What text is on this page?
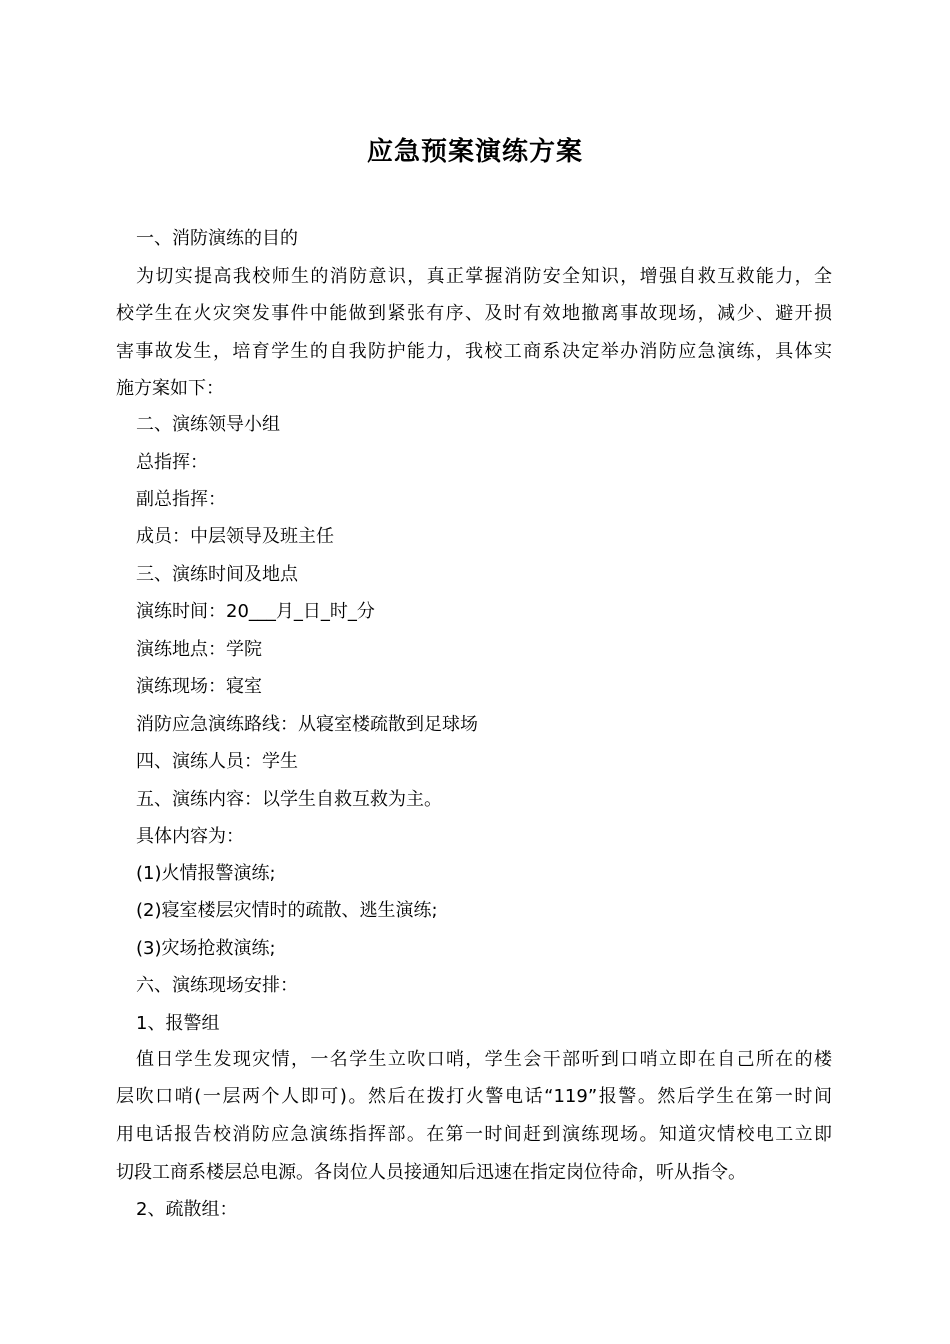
应急预案演练方案
一、消防演练的目的
为切实提高我校师生的消防意识，真正掌握消防安全知识，增强自救互救能力，全
校学生在火灾突发事件中能做到紧张有序、及时有效地撤离事故现场，减少、避开损
害事故发生，培育学生的自我防护能力，我校工商系决定举办消防应急演练，具体实
施方案如下：
二、演练领导小组
总指挥：
副总指挥：
成员：中层领导及班主任
三、演练时间及地点
演练时间：20___月_日_时_分
演练地点：学院
演练现场：寝室
消防应急演练路线：从寝室楼疏散到足球场
四、演练人员：学生
五、演练内容：以学生自救互救为主。
具体内容为：
(1)火情报警演练;
(2)寝室楼层灾情时的疏散、逃生演练;
(3)灾场抢救演练;
六、演练现场安排：
1、报警组
值日学生发现灾情，一名学生立吹口哨，学生会干部听到口哨立即在自己所在的楼
层吹口哨(一层两个人即可)。然后在拨打火警电话“119”报警。然后学生在第一时间
用电话报告校消防应急演练指挥部。在第一时间赶到演练现场。知道灾情校电工立即
切段工商系楼层总电源。各岗位人员接通知后迅速在指定岗位待命，听从指令。
2、疏散组：
